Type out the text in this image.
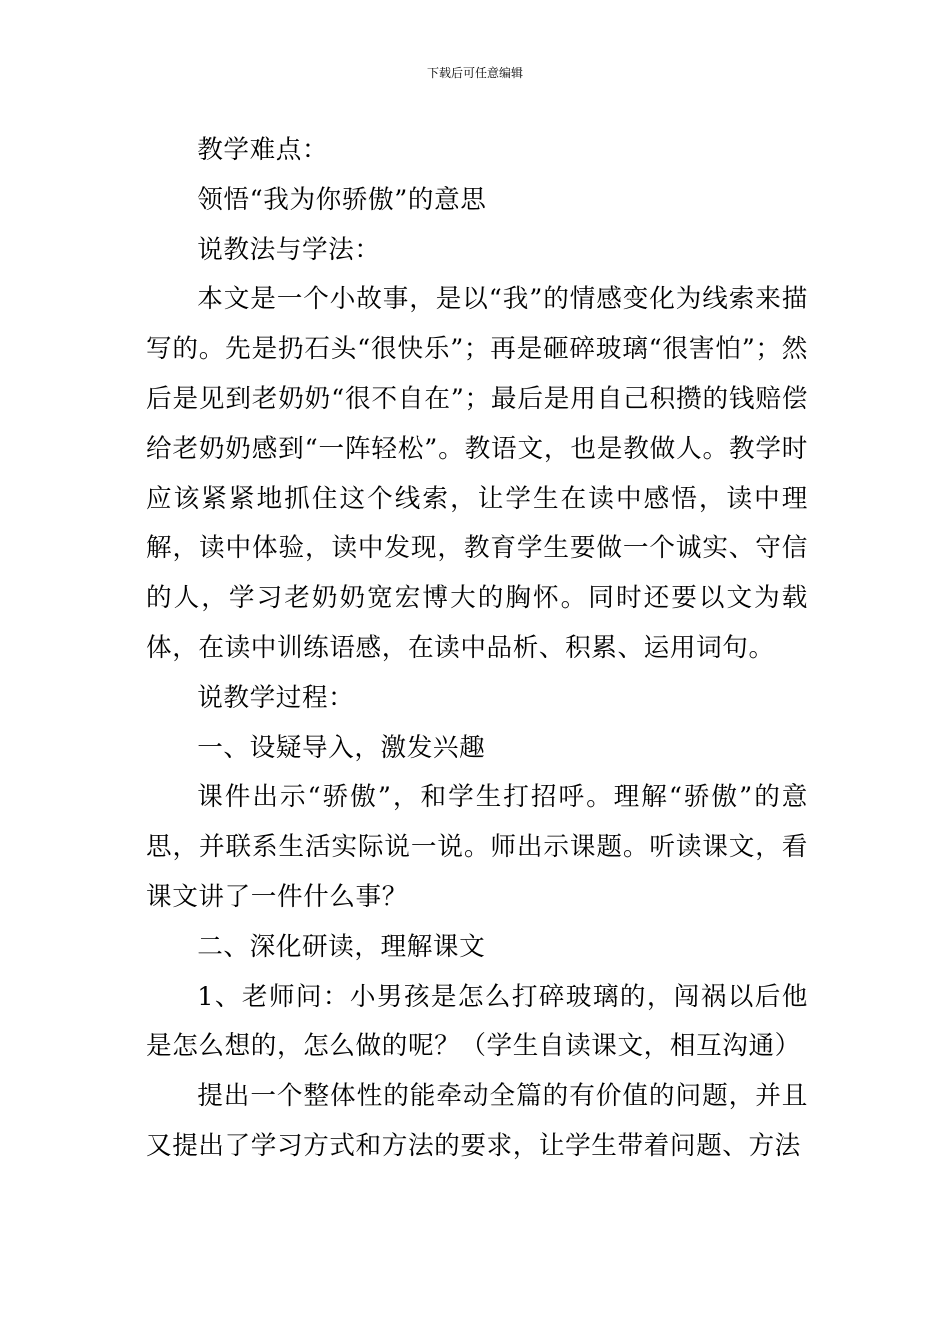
下载后可任意编辑

教学难点：

领悟“我为你骄傲”的意思

说教法与学法：

本文是一个小故事，是以“我”的情感变化为线索来描写的。先是扔石头“很快乐”；再是砸碎玻璃“很害怕”；然后是见到老奶奶“很不自在”；最后是用自己积攒的钱赔偿给老奶奶感到“一阵轻松”。教语文，也是教做人。教学时应该紧紧地抓住这个线索，让学生在读中感悟，读中理解，读中体验，读中发现，教育学生要做一个诚实、守信的人，学习老奶奶宽宏博大的胸怀。同时还要以文为载体，在读中训练语感，在读中品析、积累、运用词句。

说教学过程：

一、设疑导入，激发兴趣

课件出示“骄傲”，和学生打招呼。理解“骄傲”的意思，并联系生活实际说一说。师出示课题。听读课文，看课文讲了一件什么事？

二、深化研读，理解课文

1、老师问：小男孩是怎么打碎玻璃的，闯祸以后他是怎么想的，怎么做的呢？（学生自读课文，相互沟通）

提出一个整体性的能牵动全篇的有价值的问题，并且又提出了学习方式和方法的要求，让学生带着问题、方法
